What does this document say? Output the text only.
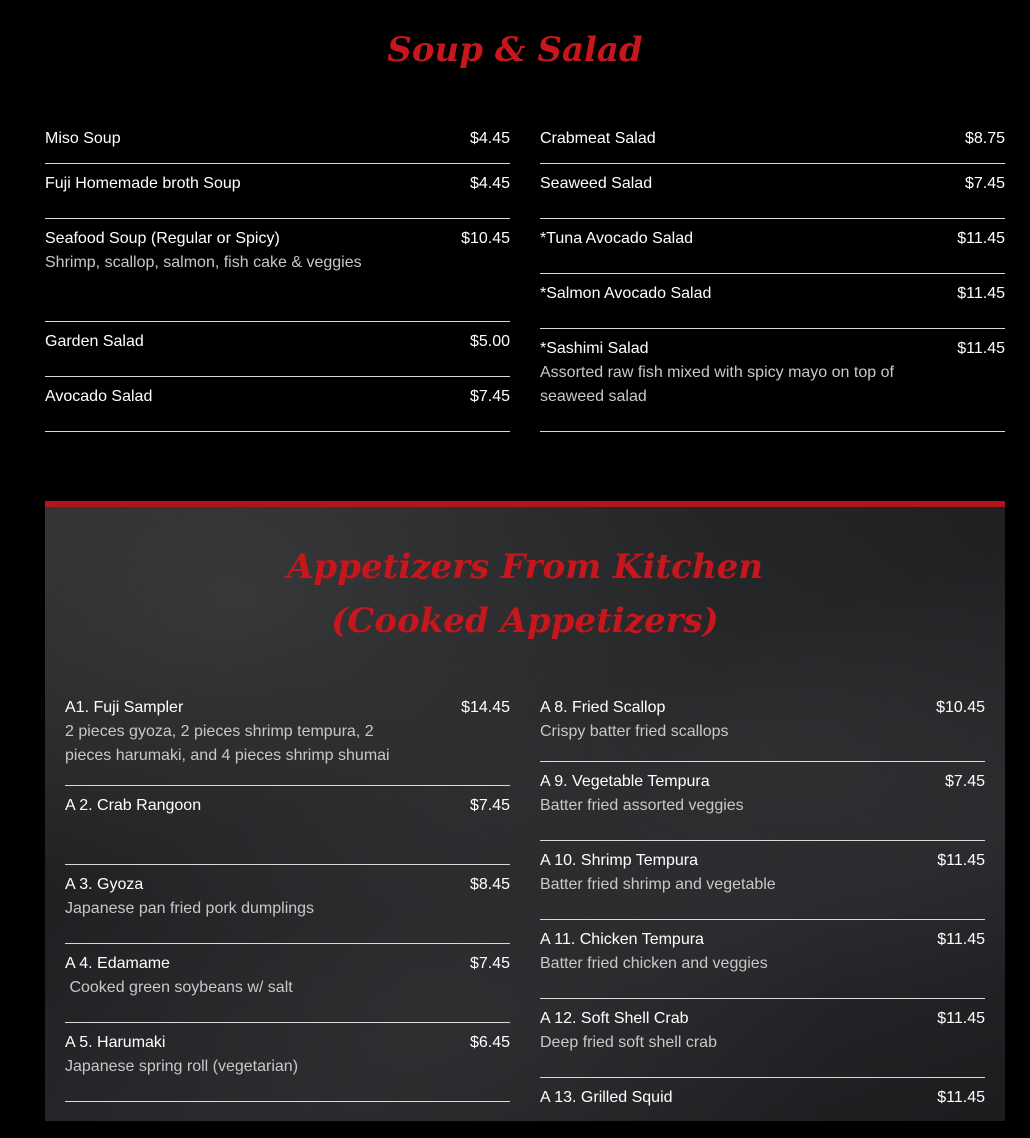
Soup & Salad
Miso Soup	$4.45
Fuji Homemade broth Soup	$4.45
Seafood Soup (Regular or Spicy)	$10.45
Shrimp, scallop, salmon, fish cake & veggies
Garden Salad	$5.00
Avocado Salad	$7.45
Crabmeat Salad	$8.75
Seaweed Salad	$7.45
*Tuna Avocado Salad	$11.45
*Salmon Avocado Salad	$11.45
*Sashimi Salad	$11.45
Assorted raw fish mixed with spicy mayo on top of seaweed salad
Appetizers From Kitchen
(Cooked Appetizers)
A1. Fuji Sampler	$14.45
2 pieces gyoza, 2 pieces shrimp tempura, 2 pieces harumaki, and 4 pieces shrimp shumai
A 2. Crab Rangoon	$7.45
A 3. Gyoza	$8.45
Japanese pan fried pork dumplings
A 4. Edamame	$7.45
Cooked green soybeans w/ salt
A 5. Harumaki	$6.45
Japanese spring roll (vegetarian)
A 8. Fried Scallop	$10.45
Crispy batter fried scallops
A 9. Vegetable Tempura	$7.45
Batter fried assorted veggies
A 10. Shrimp Tempura	$11.45
Batter fried shrimp and vegetable
A 11. Chicken Tempura	$11.45
Batter fried chicken and veggies
A 12. Soft Shell Crab	$11.45
Deep fried soft shell crab
A 13. Grilled Squid	$11.45
